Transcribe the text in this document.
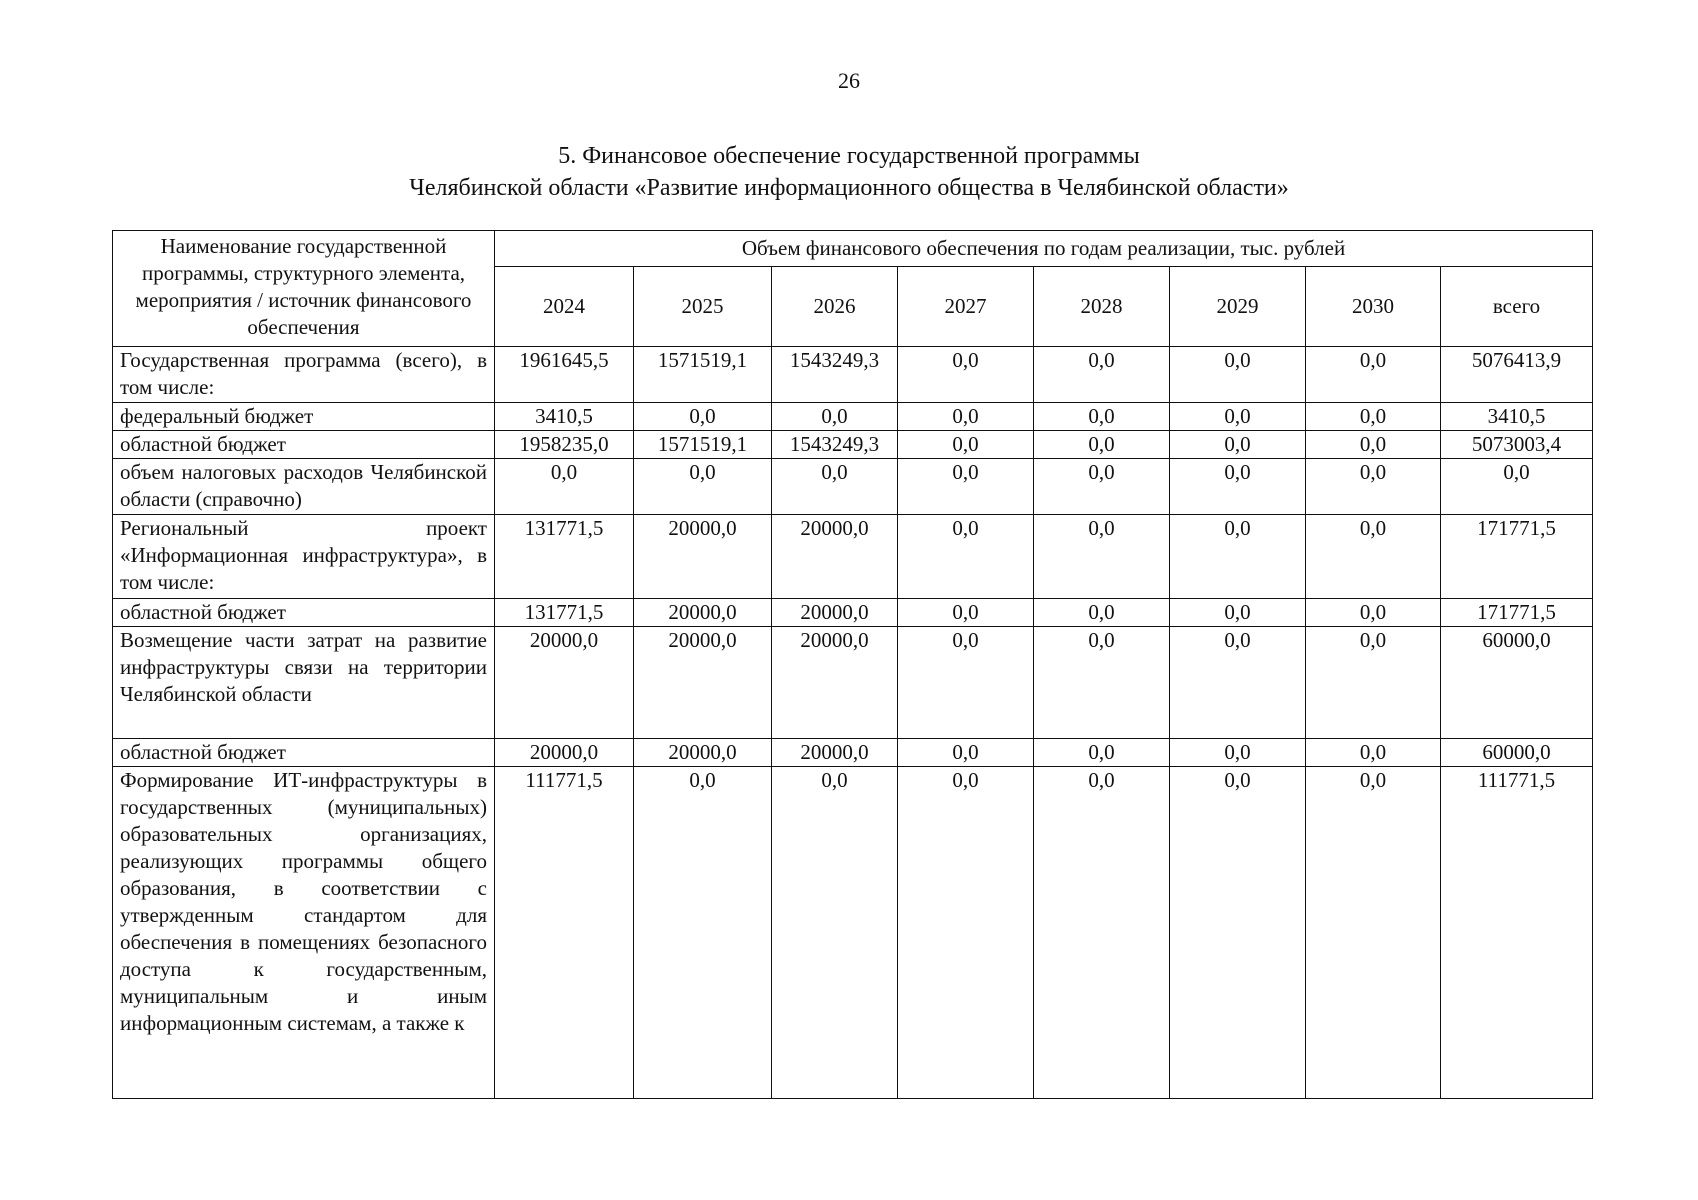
26
5. Финансовое обеспечение государственной программы
Челябинской области «Развитие информационного общества в Челябинской области»
Наименование государственной программы, структурного элемента, мероприятия / источник финансового обеспечения	Объем финансового обеспечения по годам реализации, тыс. рублей							
	2024	2025	2026	2027	2028	2029	2030	всего
Государственная программа (всего), в том числе:	1961645,5	1571519,1	1543249,3	0,0	0,0	0,0	0,0	5076413,9
федеральный бюджет	3410,5	0,0	0,0	0,0	0,0	0,0	0,0	3410,5
областной бюджет	1958235,0	1571519,1	1543249,3	0,0	0,0	0,0	0,0	5073003,4
объем налоговых расходов Челябинской области (справочно)	0,0	0,0	0,0	0,0	0,0	0,0	0,0	0,0
Региональный проект «Информационная инфраструктура», в том числе:	131771,5	20000,0	20000,0	0,0	0,0	0,0	0,0	171771,5
областной бюджет	131771,5	20000,0	20000,0	0,0	0,0	0,0	0,0	171771,5
Возмещение части затрат на развитие инфраструктуры связи на территории Челябинской области	20000,0	20000,0	20000,0	0,0	0,0	0,0	0,0	60000,0
областной бюджет	20000,0	20000,0	20000,0	0,0	0,0	0,0	0,0	60000,0
Формирование ИТ-инфраструктуры в государственных (муниципальных) образовательных организациях, реализующих программы общего образования, в соответствии с утвержденным стандартом для обеспечения в помещениях безопасного доступа к государственным, муниципальным и иным информационным системам, а также к	111771,5	0,0	0,0	0,0	0,0	0,0	0,0	111771,5
